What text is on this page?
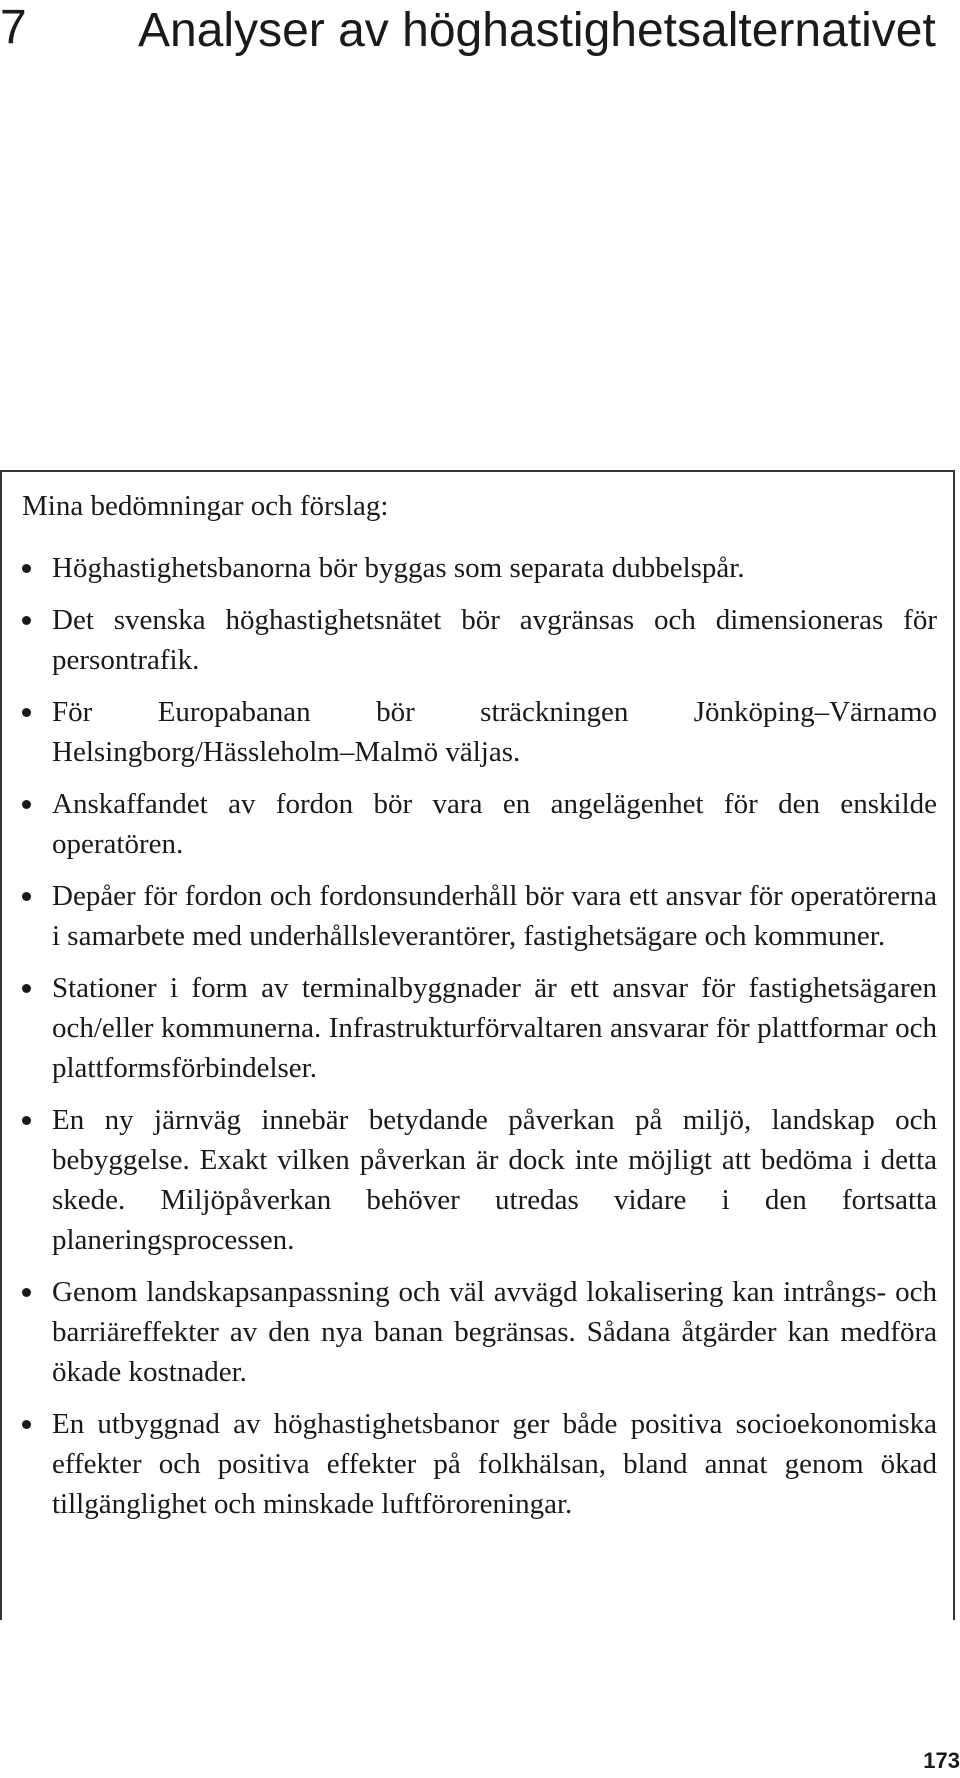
7 Analyser av höghastighetsalternativet
Mina bedömningar och förslag:
Höghastighetsbanorna bör byggas som separata dubbelspår.
Det svenska höghastighetsnätet bör avgränsas och dimensioneras för persontrafik.
För Europabanan bör sträckningen Jönköping–Värnamo Helsingborg/Hässleholm–Malmö väljas.
Anskaffandet av fordon bör vara en angelägenhet för den enskilde operatören.
Depåer för fordon och fordonsunderhåll bör vara ett ansvar för operatörerna i samarbete med underhållsleverantörer, fastighetsägare och kommuner.
Stationer i form av terminalbyggnader är ett ansvar för fastighetsägaren och/eller kommunerna. Infrastrukturförvaltaren ansvarar för plattformar och plattformsförbindelser.
En ny järnväg innebär betydande påverkan på miljö, landskap och bebyggelse. Exakt vilken påverkan är dock inte möjligt att bedöma i detta skede. Miljöpåverkan behöver utredas vidare i den fortsatta planeringsprocessen.
Genom landskapsanpassning och väl avvägd lokalisering kan intrångs- och barriäreffekter av den nya banan begränsas. Sådana åtgärder kan medföra ökade kostnader.
En utbyggnad av höghastighetsbanor ger både positiva socioekonomiska effekter och positiva effekter på folkhälsan, bland annat genom ökad tillgänglighet och minskade luftföroreningar.
173
